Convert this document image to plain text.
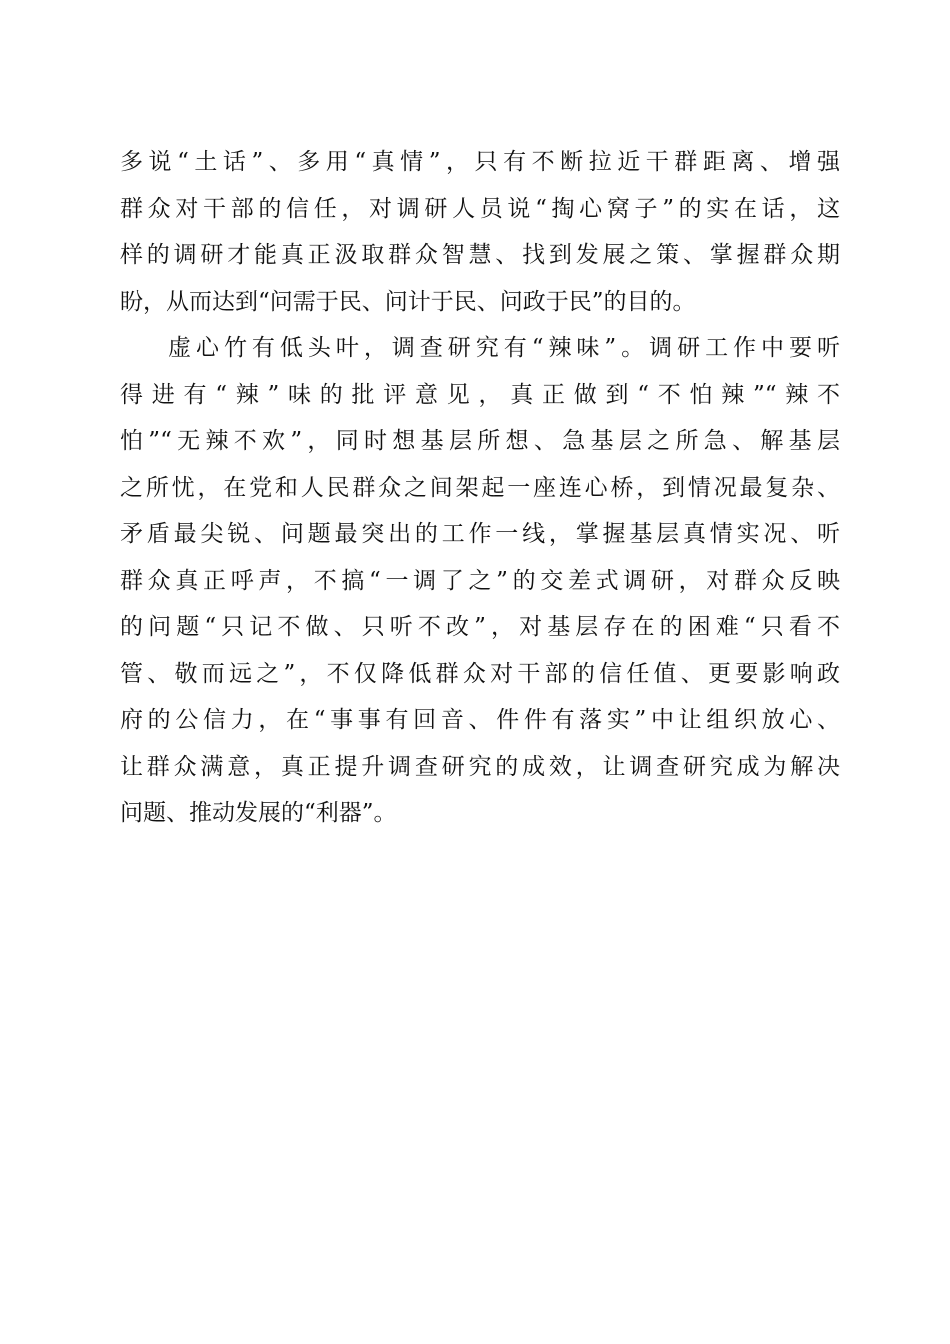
多说“土话”、多用“真情”，只有不断拉近干群距离、增强
群众对干部的信任，对调研人员说“掏心窝子”的实在话，这
样的调研才能真正汲取群众智慧、找到发展之策、掌握群众期
盼，从而达到“问需于民、问计于民、问政于民”的目的。
虚心竹有低头叶，调查研究有“辣味”。调研工作中要听
得进有“辣”味的批评意见，真正做到“不怕辣”“辣不
怕”“无辣不欢”，同时想基层所想、急基层之所急、解基层
之所忧，在党和人民群众之间架起一座连心桥，到情况最复杂、
矛盾最尖锐、问题最突出的工作一线，掌握基层真情实况、听
群众真正呼声，不搞“一调了之”的交差式调研，对群众反映
的问题“只记不做、只听不改”，对基层存在的困难“只看不
管、敬而远之”，不仅降低群众对干部的信任值、更要影响政
府的公信力，在“事事有回音、件件有落实”中让组织放心、
让群众满意，真正提升调查研究的成效，让调查研究成为解决
问题、推动发展的“利器”。
